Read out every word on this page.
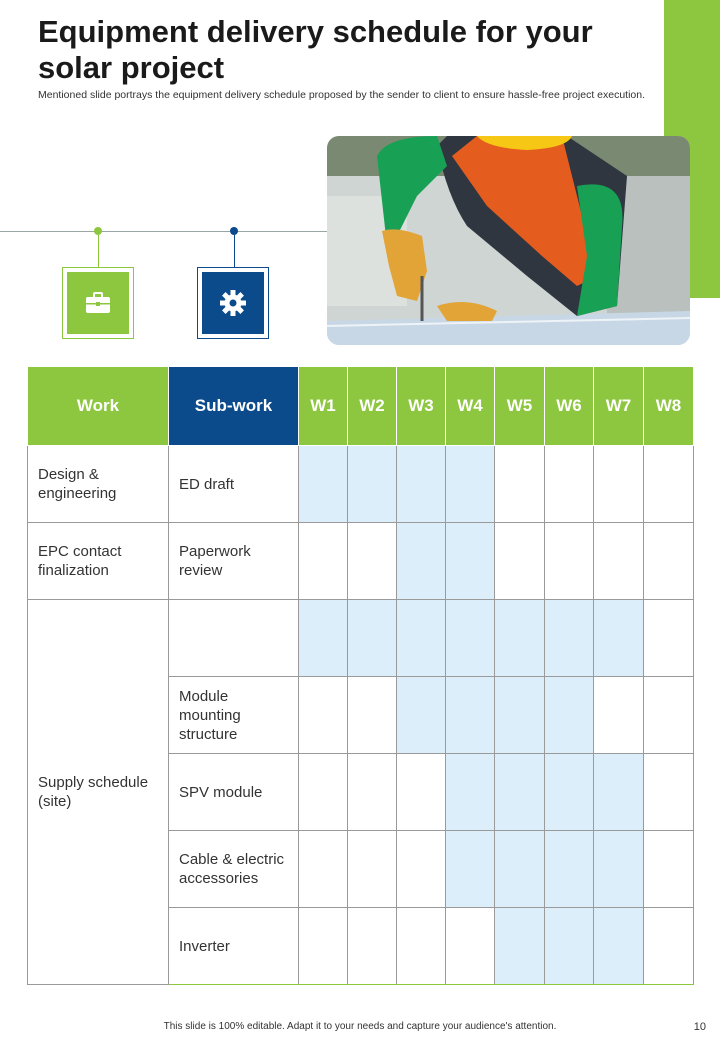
Equipment delivery schedule for your solar project
Mentioned slide portrays the equipment delivery schedule proposed by the sender to client to ensure hassle-free project execution.
Work	Sub-work	W1	W2	W3	W4	W5	W6	W7	W8
Design & engineering	ED draft								
EPC contact finalization	Paperwork review								
Supply schedule (site)									
	Module mounting structure								
	SPV module								
	Cable & electric accessories								
	Inverter								
This slide is 100% editable. Adapt it to your needs and capture your audience's attention.	10
